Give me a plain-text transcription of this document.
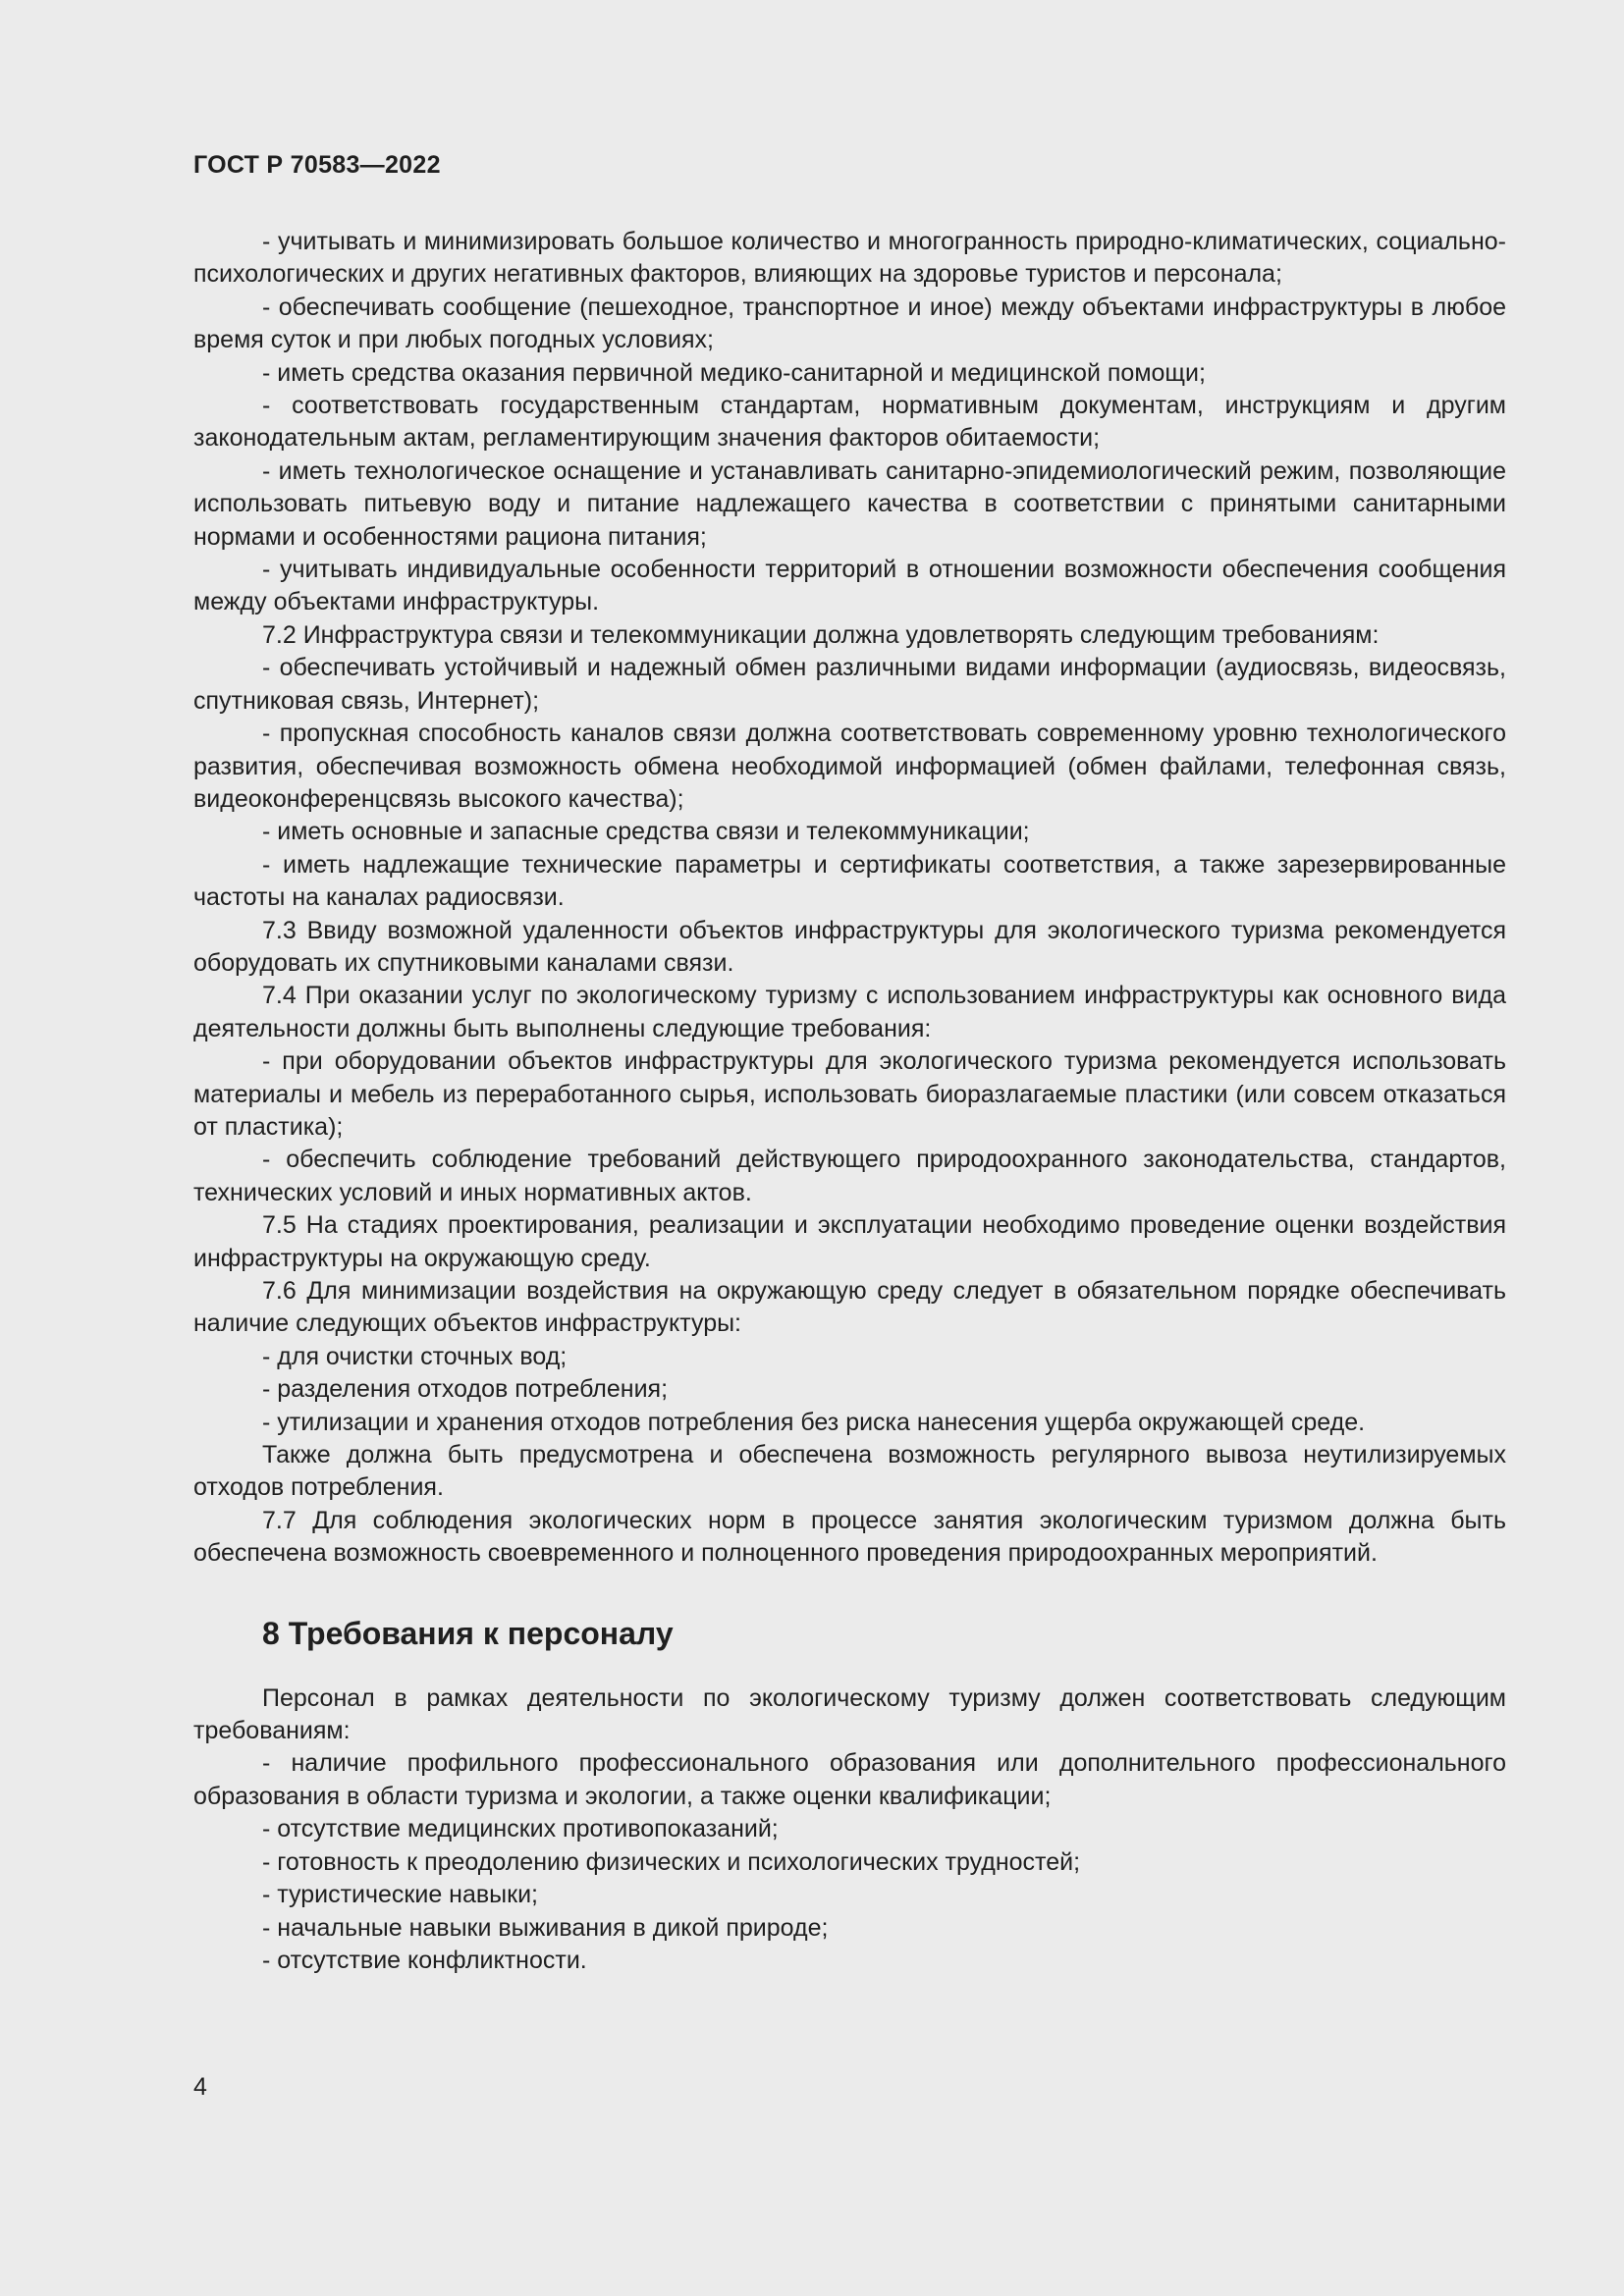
ГОСТ Р 70583—2022

- учитывать и минимизировать большое количество и многогранность природно-климатических, социально-психологических и других негативных факторов, влияющих на здоровье туристов и персонала;

- обеспечивать сообщение (пешеходное, транспортное и иное) между объектами инфраструктуры в любое время суток и при любых погодных условиях;

- иметь средства оказания первичной медико-санитарной и медицинской помощи;

- соответствовать государственным стандартам, нормативным документам, инструкциям и другим законодательным актам, регламентирующим значения факторов обитаемости;

- иметь технологическое оснащение и устанавливать санитарно-эпидемиологический режим, позволяющие использовать питьевую воду и питание надлежащего качества в соответствии с принятыми санитарными нормами и особенностями рациона питания;

- учитывать индивидуальные особенности территорий в отношении возможности обеспечения сообщения между объектами инфраструктуры.

7.2 Инфраструктура связи и телекоммуникации должна удовлетворять следующим требованиям:

- обеспечивать устойчивый и надежный обмен различными видами информации (аудиосвязь, видеосвязь, спутниковая связь, Интернет);

- пропускная способность каналов связи должна соответствовать современному уровню технологического развития, обеспечивая возможность обмена необходимой информацией (обмен файлами, телефонная связь, видеоконференцсвязь высокого качества);

- иметь основные и запасные средства связи и телекоммуникации;

- иметь надлежащие технические параметры и сертификаты соответствия, а также зарезервированные частоты на каналах радиосвязи.

7.3 Ввиду возможной удаленности объектов инфраструктуры для экологического туризма рекомендуется оборудовать их спутниковыми каналами связи.

7.4 При оказании услуг по экологическому туризму с использованием инфраструктуры как основного вида деятельности должны быть выполнены следующие требования:

- при оборудовании объектов инфраструктуры для экологического туризма рекомендуется использовать материалы и мебель из переработанного сырья, использовать биоразлагаемые пластики (или совсем отказаться от пластика);

- обеспечить соблюдение требований действующего природоохранного законодательства, стандартов, технических условий и иных нормативных актов.

7.5 На стадиях проектирования, реализации и эксплуатации необходимо проведение оценки воздействия инфраструктуры на окружающую среду.

7.6 Для минимизации воздействия на окружающую среду следует в обязательном порядке обеспечивать наличие следующих объектов инфраструктуры:

- для очистки сточных вод;

- разделения отходов потребления;

- утилизации и хранения отходов потребления без риска нанесения ущерба окружающей среде.

Также должна быть предусмотрена и обеспечена возможность регулярного вывоза неутилизируемых отходов потребления.

7.7 Для соблюдения экологических норм в процессе занятия экологическим туризмом должна быть обеспечена возможность своевременного и полноценного проведения природоохранных мероприятий.

8 Требования к персоналу

Персонал в рамках деятельности по экологическому туризму должен соответствовать следующим требованиям:

- наличие профильного профессионального образования или дополнительного профессионального образования в области туризма и экологии, а также оценки квалификации;

- отсутствие медицинских противопоказаний;

- готовность к преодолению физических и психологических трудностей;

- туристические навыки;

- начальные навыки выживания в дикой природе;

- отсутствие конфликтности.

4
